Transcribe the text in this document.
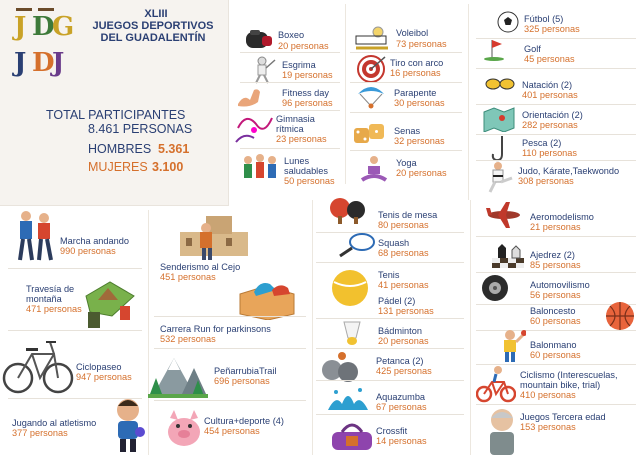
J D
G
J D
J
XLIII
JUEGOS DEPORTIVOS
DEL GUADALENTÍN
TOTAL PARTICIPANTES
8.461 PERSONAS
HOMBRES 5.361
MUJERES 3.100
Boxeo
20 personas
Esgrima
19 personas
Fitness day
96 personas
Gimnasia
rítmica
23 personas
Lunes
saludables
50 personas
Voleibol
73 personas
Tiro con arco
16 personas
Parapente
30 personas
Senas
32 personas
Yoga
20 personas
Fútbol (5)
325 personas
Golf
45 personas
Natación (2)
401 personas
Orientación (2)
282 personas
Pesca (2)
110 personas
Judo, Kárate,Taekwondo
308 personas
Marcha andando
990 personas
Travesía de
montaña
471 personas
Ciclopaseo
947 personas
Jugando al atletismo
377 personas
Senderismo al Cejo
451 personas
Carrera Run for parkinsons
532 personas
PeñarrubiaTrail
696 personas
Cultura+deporte (4)
454 personas
Tenis de mesa
80 personas
Squash
68 personas
Tenis
41 personas
Pádel (2)
131 personas
Bádminton
20 personas
Petanca (2)
425 personas
Aquazumba
67 personas
Crossfit
14 personas
Aeromodelismo
21 personas
Ajedrez (2)
85 personas
Automovilismo
56 personas
Baloncesto
60 personas
Balonmano
60 personas
Ciclismo (Interescuelas,
mountain bike, trial)
410 personas
Juegos Tercera edad
153 personas
